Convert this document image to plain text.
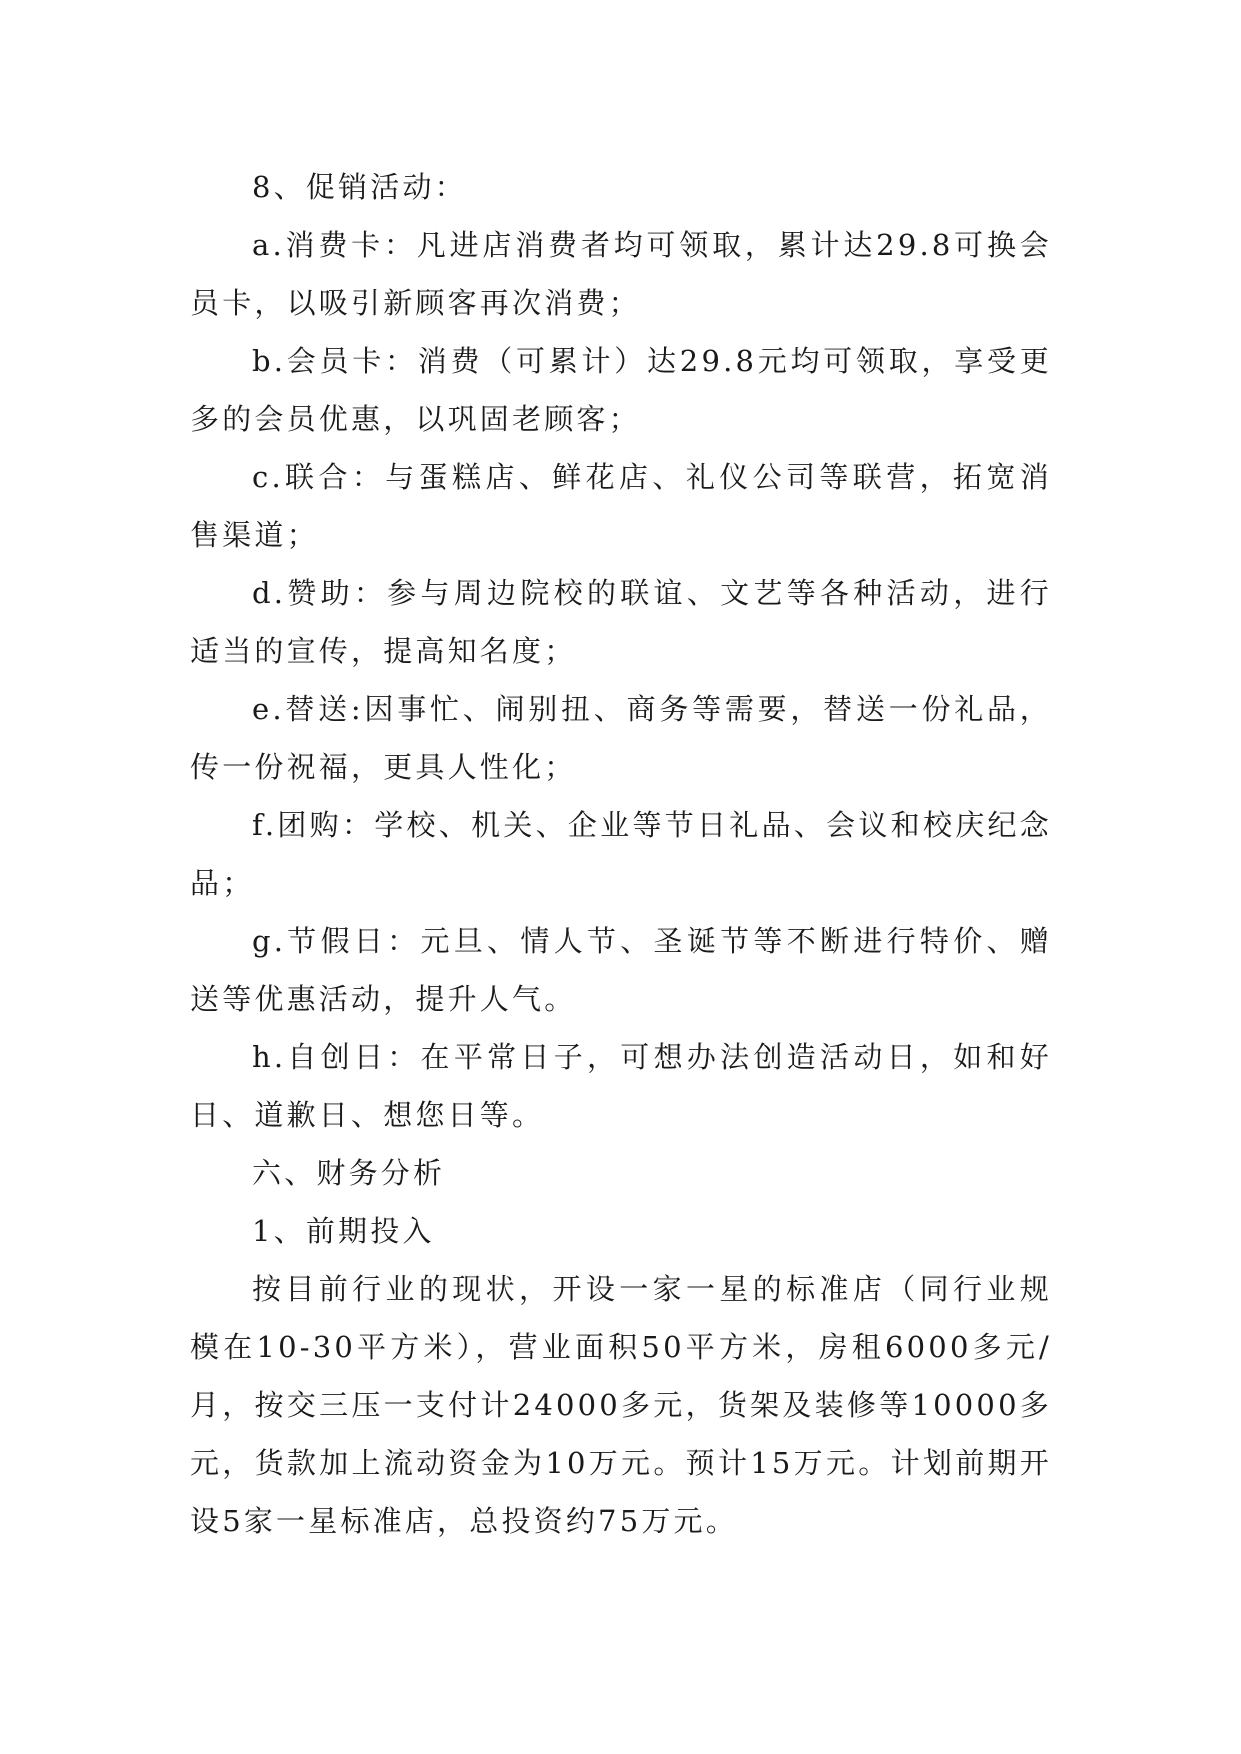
8、促销活动：

a.消费卡：凡进店消费者均可领取，累计达29.8可换会员卡，以吸引新顾客再次消费；

b.会员卡：消费（可累计）达29.8元均可领取，享受更多的会员优惠，以巩固老顾客；

c.联合：与蛋糕店、鲜花店、礼仪公司等联营，拓宽消售渠道；

d.赞助：参与周边院校的联谊、文艺等各种活动，进行适当的宣传，提高知名度；

e.替送:因事忙、闹别扭、商务等需要，替送一份礼品，传一份祝福，更具人性化；

f.团购：学校、机关、企业等节日礼品、会议和校庆纪念品；

g.节假日：元旦、情人节、圣诞节等不断进行特价、赠送等优惠活动，提升人气。

h.自创日：在平常日子，可想办法创造活动日，如和好日、道歉日、想您日等。

六、财务分析

1、前期投入

按目前行业的现状，开设一家一星的标准店（同行业规模在10-30平方米），营业面积50平方米，房租6000多元/月，按交三压一支付计24000多元，货架及装修等10000多元，货款加上流动资金为10万元。预计15万元。计划前期开设5家一星标准店，总投资约75万元。
